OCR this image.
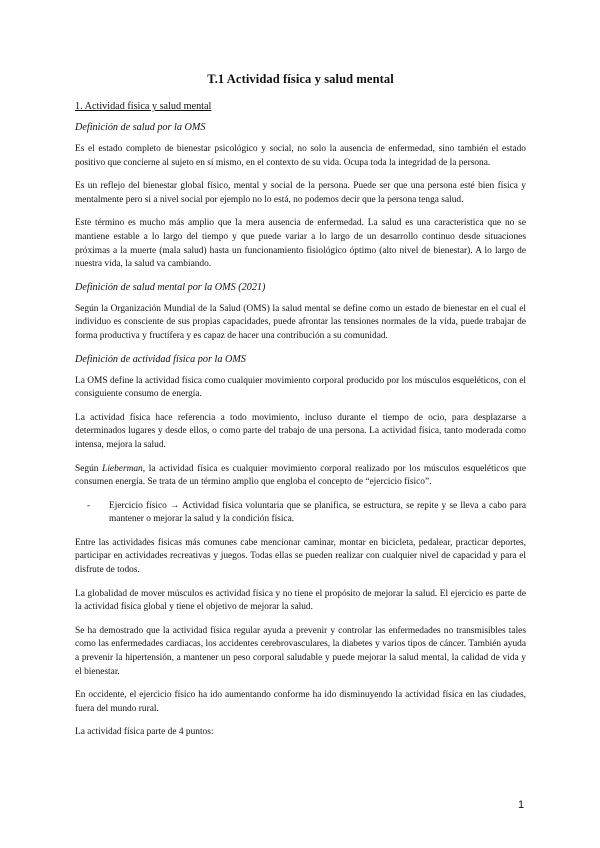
T.1 Actividad física y salud mental
1. Actividad física y salud mental
Definición de salud por la OMS

Es el estado completo de bienestar psicológico y social, no solo la ausencia de enfermedad, sino también el estado positivo que concierne al sujeto en sí mismo, en el contexto de su vida. Ocupa toda la integridad de la persona.

Es un reflejo del bienestar global físico, mental y social de la persona. Puede ser que una persona esté bien física y mentalmente pero si a nivel social por ejemplo no lo está, no podemos decir que la persona tenga salud.

Este término es mucho más amplio que la mera ausencia de enfermedad. La salud es una característica que no se mantiene estable a lo largo del tiempo y que puede variar a lo largo de un desarrollo continuo desde situaciones próximas a la muerte (mala salud) hasta un funcionamiento fisiológico óptimo (alto nivel de bienestar). A lo largo de nuestra vida, la salud va cambiando.

Definición de salud mental por la OMS (2021)

Según la Organización Mundial de la Salud (OMS) la salud mental se define como un estado de bienestar en el cual el individuo es consciente de sus propias capacidades, puede afrontar las tensiones normales de la vida, puede trabajar de forma productiva y fructífera y es capaz de hacer una contribución a su comunidad.

Definición de actividad física por la OMS

La OMS define la actividad física como cualquier movimiento corporal producido por los músculos esqueléticos, con el consiguiente consumo de energía.

La actividad física hace referencia a todo movimiento, incluso durante el tiempo de ocio, para desplazarse a determinados lugares y desde ellos, o como parte del trabajo de una persona. La actividad física, tanto moderada como intensa, mejora la salud.

Según Lieberman, la actividad física es cualquier movimiento corporal realizado por los músculos esqueléticos que consumen energía. Se trata de un término amplio que engloba el concepto de “ejercicio físico”.

-	Ejercicio físico → Actividad física voluntaria que se planifica, se estructura, se repite y se lleva a cabo para mantener o mejorar la salud y la condición física.

Entre las actividades físicas más comunes cabe mencionar caminar, montar en bicicleta, pedalear, practicar deportes, participar en actividades recreativas y juegos. Todas ellas se pueden realizar con cualquier nivel de capacidad y para el disfrute de todos.

La globalidad de mover músculos es actividad física y no tiene el propósito de mejorar la salud. El ejercicio es parte de la actividad física global y tiene el objetivo de mejorar la salud.

Se ha demostrado que la actividad física regular ayuda a prevenir y controlar las enfermedades no transmisibles tales como las enfermedades cardiacas, los accidentes cerebrovasculares, la diabetes y varios tipos de cáncer. También ayuda a prevenir la hipertensión, a mantener un peso corporal saludable y puede mejorar la salud mental, la calidad de vida y el bienestar.

En occidente, el ejercicio físico ha ido aumentando conforme ha ido disminuyendo la actividad física en las ciudades, fuera del mundo rural.

La actividad física parte de 4 puntos:

1
